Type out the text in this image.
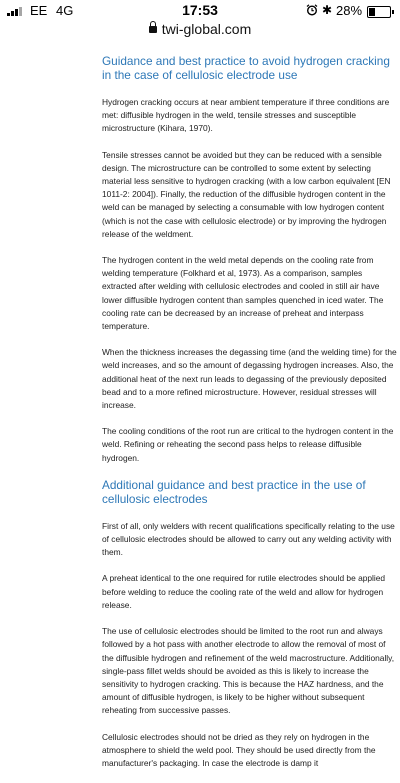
EE 4G	17:53	✱ 28%
twi-global.com
Guidance and best practice to avoid hydrogen cracking in the case of cellulosic electrode use

Hydrogen cracking occurs at near ambient temperature if three conditions are met: diffusible hydrogen in the weld, tensile stresses and susceptible microstructure (Kihara, 1970).

Tensile stresses cannot be avoided but they can be reduced with a sensible design. The microstructure can be controlled to some extent by selecting material less sensitive to hydrogen cracking (with a low carbon equivalent [EN 1011-2: 2004]). Finally, the reduction of the diffusible hydrogen content in the weld can be managed by selecting a consumable with low hydrogen content (which is not the case with cellulosic electrode) or by improving the hydrogen release of the weldment.

The hydrogen content in the weld metal depends on the cooling rate from welding temperature (Folkhard et al, 1973). As a comparison, samples extracted after welding with cellulosic electrodes and cooled in still air have lower diffusible hydrogen content than samples quenched in iced water. The cooling rate can be decreased by an increase of preheat and interpass temperature.

When the thickness increases the degassing time (and the welding time) for the weld increases, and so the amount of degassing hydrogen increases. Also, the additional heat of the next run leads to degassing of the previously deposited bead and to a more refined microstructure. However, residual stresses will increase.

The cooling conditions of the root run are critical to the hydrogen content in the weld. Refining or reheating the second pass helps to release diffusible hydrogen.

Additional guidance and best practice in the use of cellulosic electrodes

First of all, only welders with recent qualifications specifically relating to the use of cellulosic electrodes should be allowed to carry out any welding activity with them.

A preheat identical to the one required for rutile electrodes should be applied before welding to reduce the cooling rate of the weld and allow for hydrogen release.

The use of cellulosic electrodes should be limited to the root run and always followed by a hot pass with another electrode to allow the removal of most of the diffusible hydrogen and refinement of the weld macrostructure. Additionally, single-pass fillet welds should be avoided as this is likely to increase the sensitivity to hydrogen cracking. This is because the HAZ hardness, and the amount of diffusible hydrogen, is likely to be higher without subsequent reheating from successive passes.

Cellulosic electrodes should not be dried as they rely on hydrogen in the atmosphere to shield the weld pool. They should be used directly from the manufacturer's packaging. In case the electrode is damp it
